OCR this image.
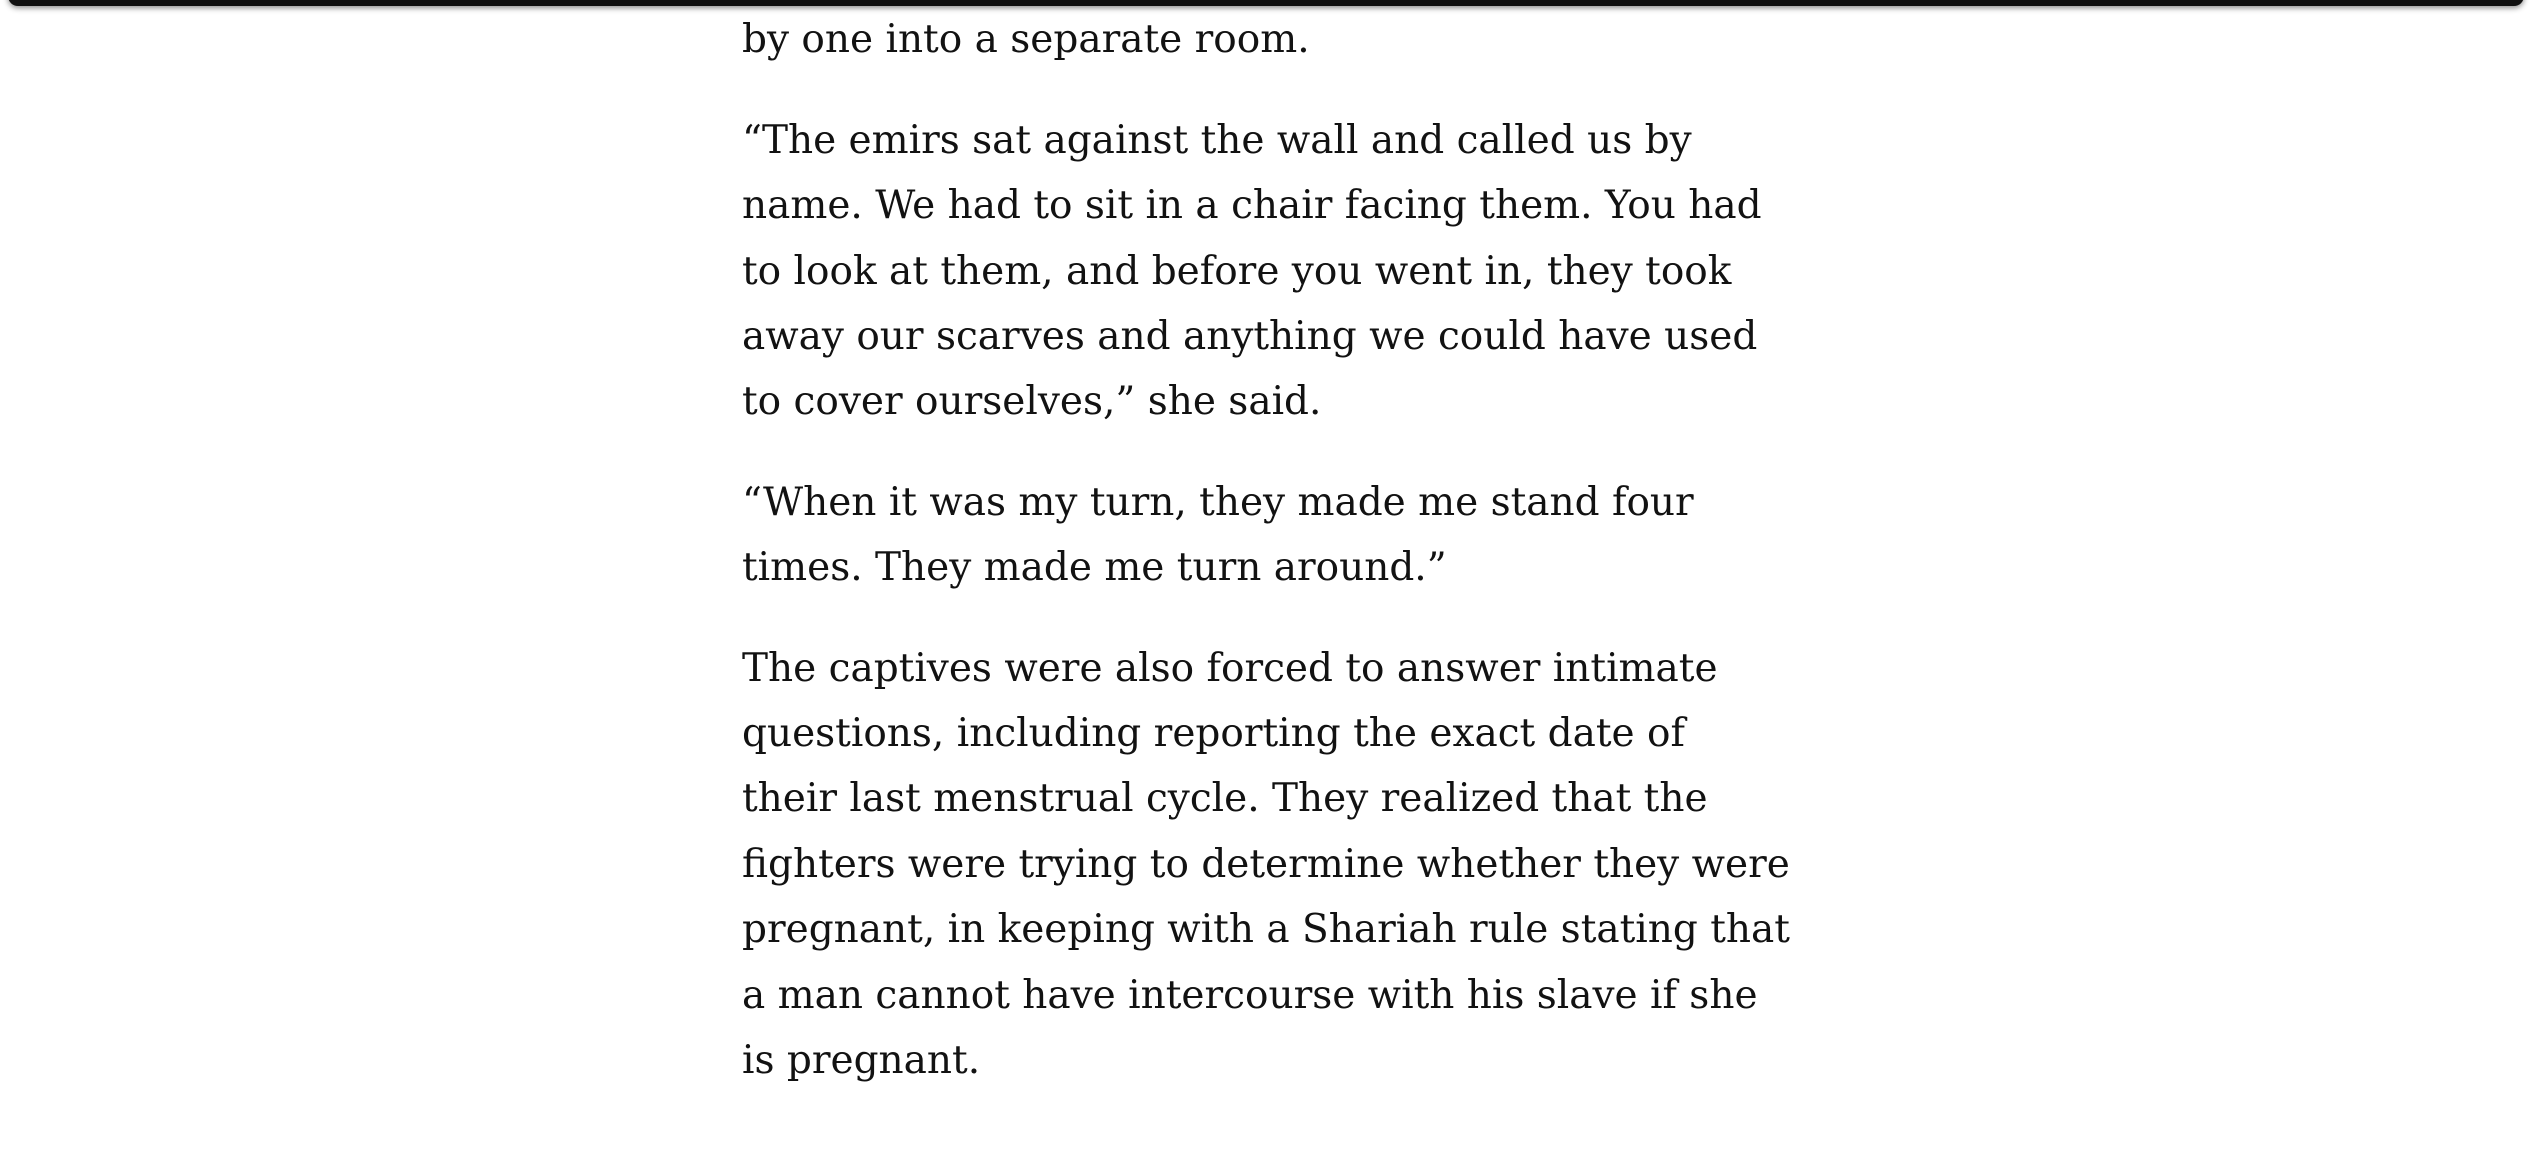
by one into a separate room.

“The emirs sat against the wall and called us by name. We had to sit in a chair facing them. You had to look at them, and before you went in, they took away our scarves and anything we could have used to cover ourselves,” she said.

“When it was my turn, they made me stand four times. They made me turn around.”

The captives were also forced to answer intimate questions, including reporting the exact date of their last menstrual cycle. They realized that the fighters were trying to determine whether they were pregnant, in keeping with a Shariah rule stating that a man cannot have intercourse with his slave if she is pregnant.
